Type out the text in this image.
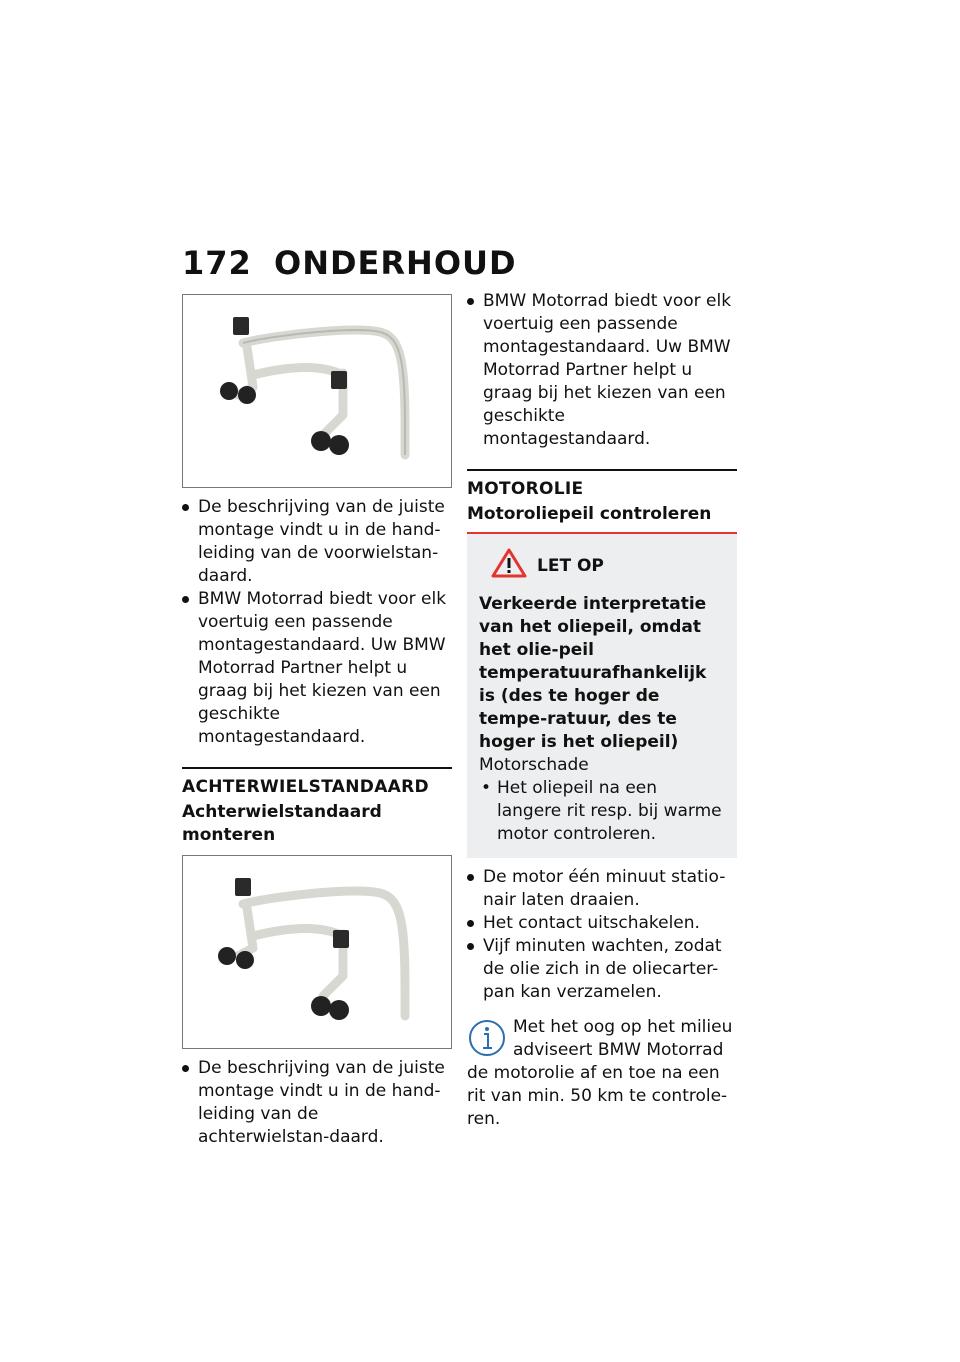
172 ONDERHOUD
De beschrijving van de juiste montage vindt u in de hand-leiding van de voorwielstan-daard.
BMW Motorrad biedt voor elk voertuig een passende montagestandaard. Uw BMW Motorrad Partner helpt u graag bij het kiezen van een geschikte montagestandaard.
ACHTERWIELSTANDAARD
Achterwielstandaard monteren
De beschrijving van de juiste montage vindt u in de hand-leiding van de achterwielstan-daard.
BMW Motorrad biedt voor elk voertuig een passende montagestandaard. Uw BMW Motorrad Partner helpt u graag bij het kiezen van een geschikte montagestandaard.
MOTOROLIE
Motoroliepeil controleren
LET OP
Verkeerde interpretatie van het oliepeil, omdat het olie-peil temperatuurafhankelijk is (des te hoger de tempe-ratuur, des te hoger is het oliepeil)
Motorschade
• Het oliepeil na een langere rit resp. bij warme motor controleren.
De motor één minuut statio-nair laten draaien.
Het contact uitschakelen.
Vijf minuten wachten, zodat de olie zich in de oliecarter-pan kan verzamelen.
Met het oog op het milieu adviseert BMW Motorrad de motorolie af en toe na een rit van min. 50 km te controle-ren.
